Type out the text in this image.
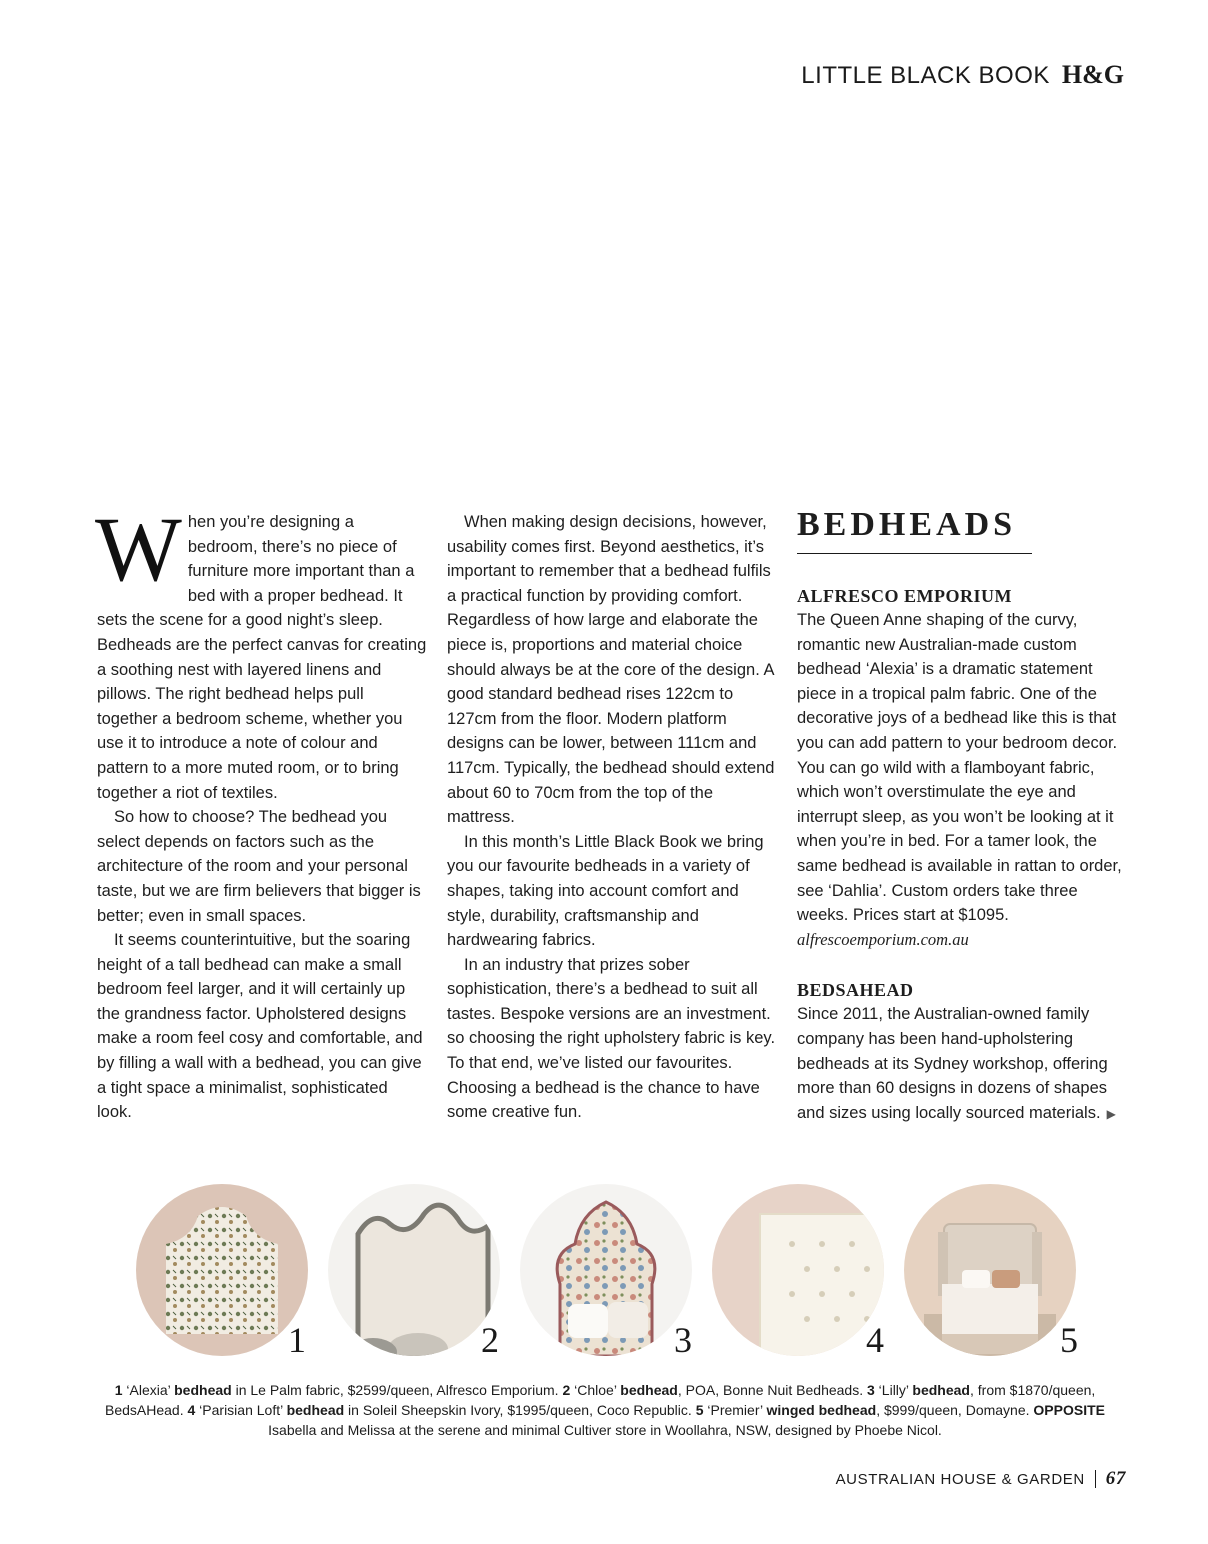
LITTLE BLACK BOOK H&G

When you’re designing a bedroom, there’s no piece of furniture more important than a bed with a proper bedhead. It sets the scene for a good night’s sleep. Bedheads are the perfect canvas for creating a soothing nest with layered linens and pillows. The right bedhead helps pull together a bedroom scheme, whether you use it to introduce a note of colour and pattern to a more muted room, or to bring together a riot of textiles.

So how to choose? The bedhead you select depends on factors such as the architecture of the room and your personal taste, but we are firm believers that bigger is better; even in small spaces.

It seems counterintuitive, but the soaring height of a tall bedhead can make a small bedroom feel larger, and it will certainly up the grandness factor. Upholstered designs make a room feel cosy and comfortable, and by filling a wall with a bedhead, you can give a tight space a minimalist, sophisticated look.

When making design decisions, however, usability comes first. Beyond aesthetics, it’s important to remember that a bedhead fulfils a practical function by providing comfort. Regardless of how large and elaborate the piece is, proportions and material choice should always be at the core of the design. A good standard bedhead rises 122cm to 127cm from the floor. Modern platform designs can be lower, between 111cm and 117cm. Typically, the bedhead should extend about 60 to 70cm from the top of the mattress.

In this month’s Little Black Book we bring you our favourite bedheads in a variety of shapes, taking into account comfort and style, durability, craftsmanship and hardwearing fabrics.

In an industry that prizes sober sophistication, there’s a bedhead to suit all tastes. Bespoke versions are an investment. so choosing the right upholstery fabric is key. To that end, we’ve listed our favourites. Choosing a bedhead is the chance to have some creative fun.

BEDHEADS
ALFRESCO EMPORIUM

The Queen Anne shaping of the curvy, romantic new Australian-made custom bedhead ‘Alexia’ is a dramatic statement piece in a tropical palm fabric. One of the decorative joys of a bedhead like this is that you can add pattern to your bedroom decor. You can go wild with a flamboyant fabric, which won’t overstimulate the eye and interrupt sleep, as you won’t be looking at it when you’re in bed. For a tamer look, the same bedhead is available in rattan to order, see ‘Dahlia’. Custom orders take three weeks. Prices start at $1095.
alfrescoemporium.com.au

BEDSAHEAD

Since 2011, the Australian-owned family company has been hand-upholstering bedheads at its Sydney workshop, offering more than 60 designs in dozens of shapes and sizes using locally sourced materials. ▶

1	2	3	4	5
1 ‘Alexia’ bedhead in Le Palm fabric, $2599/queen, Alfresco Emporium. 2 ‘Chloe’ bedhead, POA, Bonne Nuit Bedheads. 3 ‘Lilly’ bedhead, from $1870/queen, BedsAHead. 4 ‘Parisian Loft’ bedhead in Soleil Sheepskin Ivory, $1995/queen, Coco Republic. 5 ‘Premier’ winged bedhead, $999/queen, Domayne. OPPOSITE Isabella and Melissa at the serene and minimal Cultiver store in Woollahra, NSW, designed by Phoebe Nicol.
AUSTRALIAN HOUSE & GARDEN 67
